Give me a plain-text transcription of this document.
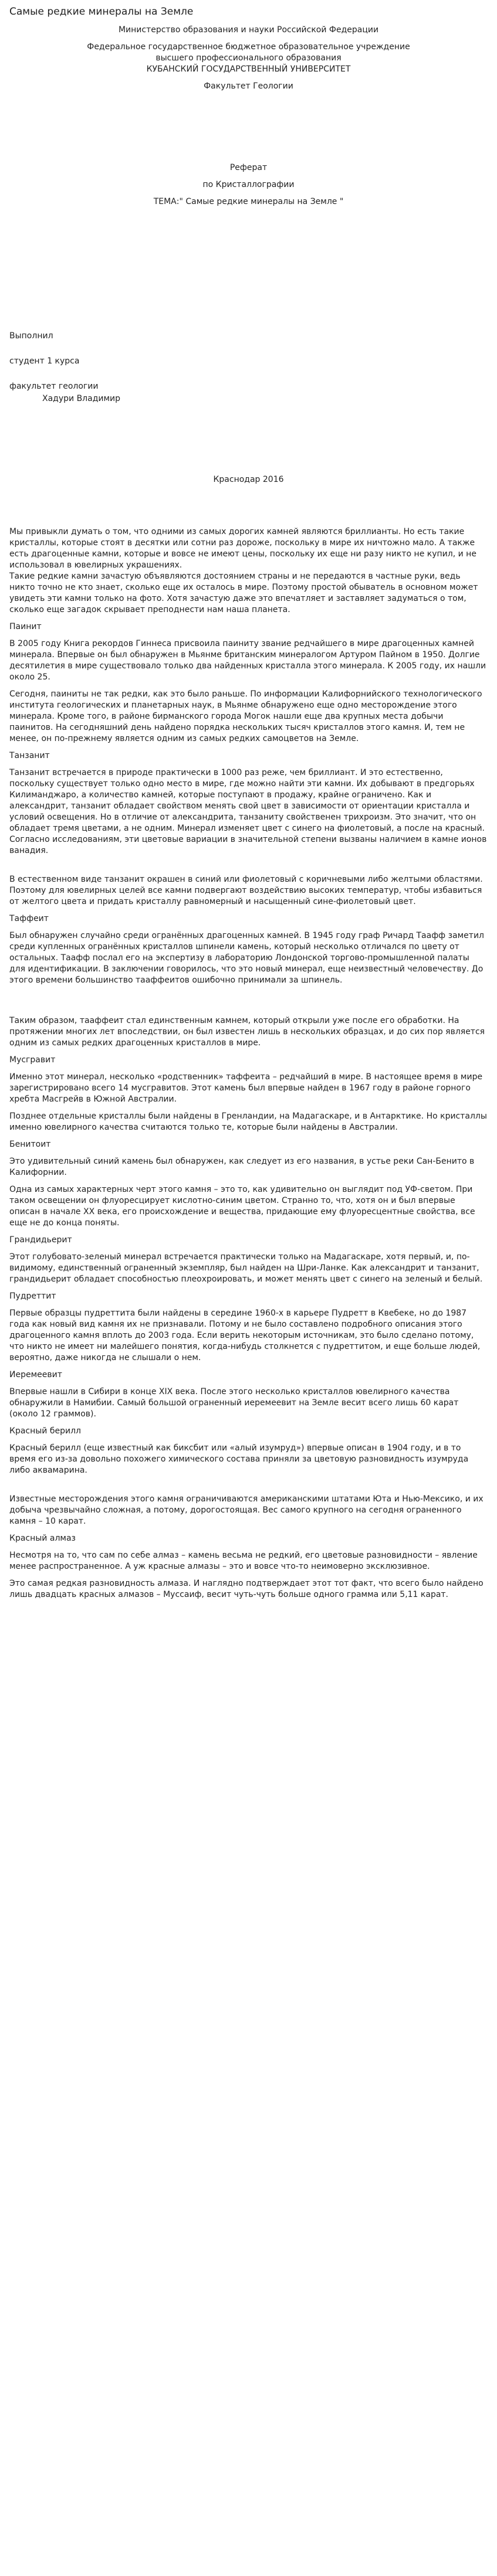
Самые редкие минералы на Земле
Министерство образования и науки Российской Федерации
Федеральное государственное бюджетное образовательное учреждение
высшего профессионального образования
КУБАНСКИЙ ГОСУДАРСТВЕННЫЙ УНИВЕРСИТЕТ
Факультет Геологии
Реферат
по Кристаллографии
ТЕМА:" Самые редкие минералы на Земле "
Выполнил
студент 1 курса
факультет геологии
Хадури Владимир
Краснодар 2016

Мы привыкли думать о том, что одними из самых дорогих камней являются бриллианты. Но есть такие кристаллы, которые стоят в десятки или сотни раз дороже, поскольку в мире их ничтожно мало. А также есть драгоценные камни, которые и вовсе не имеют цены, поскольку их еще ни разу никто не купил, и не использовал в ювелирных украшениях.

Такие редкие камни зачастую объявляются достоянием страны и не передаются в частные руки, ведь никто точно не кто знает, сколько еще их осталось в мире. Поэтому простой обыватель в основном может увидеть эти камни только на фото. Хотя зачастую даже это впечатляет и заставляет задуматься о том, сколько еще загадок скрывает преподнести нам наша планета.

Паинит

В 2005 году Книга рекордов Гиннеса присвоила паиниту звание редчайшего в мире драгоценных камней минерала. Впервые он был обнаружен в Мьянме британским минералогом Артуром Пайном в 1950. Долгие десятилетия в мире существовало только два найденных кристалла этого минерала. К 2005 году, их нашли около 25.

Сегодня, паиниты не так редки, как это было раньше. По информации Калифорнийского технологического института геологических и планетарных наук, в Мьянме обнаружено еще одно месторождение этого минерала. Кроме того, в районе бирманского города Могок нашли еще два крупных места добычи паинитов. На сегодняшний день найдено порядка нескольких тысяч кристаллов этого камня. И, тем не менее, он по-прежнему является одним из самых редких самоцветов на Земле.

Танзанит

Танзанит встречается в природе практически в 1000 раз реже, чем бриллиант. И это естественно, поскольку существует только одно место в мире, где можно найти эти камни. Их добывают в предгорьях Килиманджаро, а количество камней, которые поступают в продажу, крайне ограничено. Как и александрит, танзанит обладает свойством менять свой цвет в зависимости от ориентации кристалла и условий освещения. Но в отличие от александрита, танзаниту свойственен трихроизм. Это значит, что он обладает тремя цветами, а не одним. Минерал изменяет цвет с синего на фиолетовый, а после на красный. Согласно исследованиям, эти цветовые вариации в значительной степени вызваны наличием в камне ионов ванадия.

В естественном виде танзанит окрашен в синий или фиолетовый с коричневыми либо желтыми областями. Поэтому для ювелирных целей все камни подвергают воздействию высоких температур, чтобы избавиться от желтого цвета и придать кристаллу равномерный и насыщенный сине-фиолетовый цвет.

Таффеит

Был обнаружен случайно среди огранённых драгоценных камней. В 1945 году граф Ричард Таафф заметил среди купленных огранённых кристаллов шпинели камень, который несколько отличался по цвету от остальных. Таафф послал его на экспертизу в лабораторию Лондонской торгово-промышленной палаты для идентификации. В заключении говорилось, что это новый минерал, еще неизвестный человечеству. До этого времени большинство тааффеитов ошибочно принимали за шпинель.

Таким образом, тааффеит стал единственным камнем, который открыли уже после его обработки. На протяжении многих лет впоследствии, он был известен лишь в нескольких образцах, и до сих пор является одним из самых редких драгоценных кристаллов в мире.

Мусгравит

Именно этот минерал, несколько «родственник» таффеита – редчайший в мире. В настоящее время в мире зарегистрировано всего 14 мусгравитов. Этот камень был впервые найден в 1967 году в районе горного хребта Масгрейв в Южной Австралии.

Позднее отдельные кристаллы были найдены в Гренландии, на Мадагаскаре, и в Антарктике. Но кристаллы именно ювелирного качества считаются только те, которые были найдены в Австралии.

Бенитоит

Это удивительный синий камень был обнаружен, как следует из его названия, в устье реки Сан-Бенито в Калифорнии.

Одна из самых характерных черт этого камня – это то, как удивительно он выглядит под УФ-светом. При таком освещении он флуоресцирует кислотно-синим цветом. Странно то, что, хотя он и был впервые описан в начале XX века, его происхождение и вещества, придающие ему флуоресцентные свойства, все еще не до конца поняты.

Грандидьерит

Этот голубовато-зеленый минерал встречается практически только на Мадагаскаре, хотя первый, и, по-видимому, единственный ограненный экземпляр, был найден на Шри-Ланке. Как александрит и танзанит, грандидьерит обладает способностью плеохроировать, и может менять цвет с синего на зеленый и белый.

Пудреттит

Первые образцы пудреттита были найдены в середине 1960-х в карьере Пудретт в Квебеке, но до 1987 года как новый вид камня их не признавали. Потому и не было составлено подробного описания этого драгоценного камня вплоть до 2003 года. Если верить некоторым источникам, это было сделано потому, что никто не имеет ни малейшего понятия, когда-нибудь столкнется с пудреттитом, и еще больше людей, вероятно, даже никогда не слышали о нем.

Иеремеевит

Впервые нашли в Сибири в конце XIX века. После этого несколько кристаллов ювелирного качества обнаружили в Намибии. Самый большой ограненный иеремеевит на Земле весит всего лишь 60 карат (около 12 граммов).

Красный берилл

Красный берилл (еще известный как биксбит или «алый изумруд») впервые описан в 1904 году, и в то время его из-за довольно похожего химического состава приняли за цветовую разновидность изумруда либо аквамарина.

Известные месторождения этого камня ограничиваются американскими штатами Юта и Нью-Мексико, и их добыча чрезвычайно сложная, а потому, дорогостоящая. Вес самого крупного на сегодня ограненного камня – 10 карат.

Красный алмаз

Несмотря на то, что сам по себе алмаз – камень весьма не редкий, его цветовые разновидности – явление менее распространенное. А уж красные алмазы – это и вовсе что-то неимоверно эксклюзивное.

Это самая редкая разновидность алмаза. И наглядно подтверждает этот тот факт, что всего было найдено лишь двадцать красных алмазов – Муссаиф, весит чуть-чуть больше одного грамма или 5,11 карат.
